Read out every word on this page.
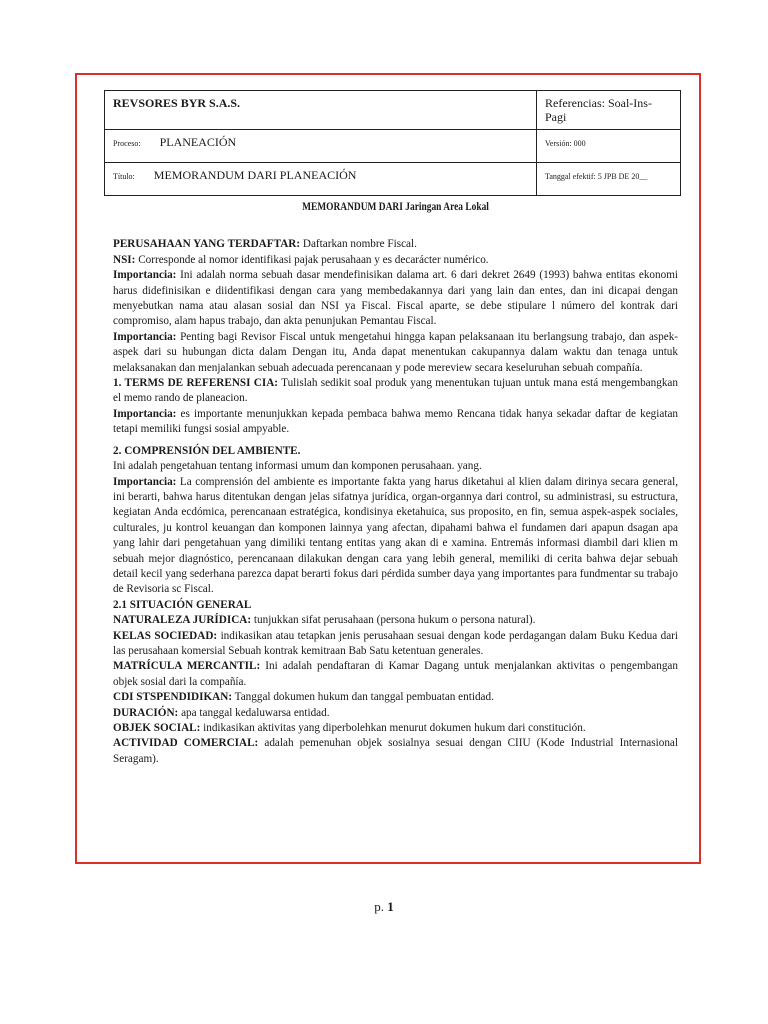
REVSORES BYR S.A.S.	Referencias: Soal-Ins-Pagi
Proceso: PLANEACIÓN	Versión: 000
Título: MEMORANDUM DARI PLANEACIÓN	Tanggal efektif: 5 JPB DE 20__

MEMORANDUM DARI Jaringan Area Lokal

PERUSAHAAN YANG TERDAFTAR: Daftarkan nombre Fiscal.

NSI: Corresponde al nomor identifikasi pajak perusahaan y es decarácter numérico.

Importancia: Ini adalah norma sebuah dasar mendefinisikan dalama art. 6 dari dekret 2649 (1993) bahwa entitas ekonomi harus didefinisikan e diidentifikasi dengan cara yang membedakannya dari yang lain dan entes, dan ini dicapai dengan menyebutkan nama atau alasan sosial dan NSI ya Fiscal. Fiscal aparte, se debe stipulare l número del kontrak dari compromiso, alam hapus trabajo, dan akta penunjukan Pemantau Fiscal.

Importancia: Penting bagi Revisor Fiscal untuk mengetahui hingga kapan pelaksanaan itu berlangsung trabajo, dan aspek-aspek dari su hubungan dicta dalam Dengan itu, Anda dapat menentukan cakupannya dalam waktu dan tenaga untuk melaksanakan dan menjalankan sebuah adecuada perencanaan y pode mereview secara keseluruhan sebuah compañía.

1. TERMS DE REFERENSI CIA: Tulislah sedikit soal produk yang menentukan tujuan untuk mana está mengembangkan el memo rando de planeacion.

Importancia: es importante menunjukkan kepada pembaca bahwa memo Rencana tidak hanya sekadar daftar de kegiatan tetapi memiliki fungsi sosial ampyable.

2. COMPRENSIÓN DEL AMBIENTE.
Ini adalah pengetahuan tentang informasi umum dan komponen perusahaan. yang.

Importancia: La comprensión del ambiente es importante fakta yang harus diketahui al klien dalam dirinya secara general, ini berarti, bahwa harus ditentukan dengan jelas sifatnya jurídica, organ-organnya dari control, su administrasi, su estructura, kegiatan Anda ecdómica, perencanaan estratégica, kondisinya eketahuica, sus proposito, en fin, semua aspek-aspek sociales, culturales, ju kontrol keuangan dan komponen lainnya yang afectan, dipahami bahwa el fundamen dari apapun dsagan apa yang lahir dari pengetahuan yang dimiliki tentang entitas yang akan di e xamina. Entremás informasi diambil dari klien m sebuah mejor diagnóstico, perencanaan dilakukan dengan cara yang lebih general, memiliki di cerita bahwa dejar sebuah detail kecil yang sederhana parezca dapat berarti fokus dari pérdida sumber daya yang importantes para fundmentar su trabajo de Revisoria sc Fiscal.

2.1 SITUACIÓN GENERAL

NATURALEZA JURÍDICA: tunjukkan sifat perusahaan (persona hukum o persona natural).

KELAS SOCIEDAD: indikasikan atau tetapkan jenis perusahaan sesuai dengan kode perdagangan dalam Buku Kedua dari las perusahaan komersial Sebuah kontrak kemitraan Bab Satu ketentuan generales.

MATRÍCULA MERCANTIL: Ini adalah pendaftaran di Kamar Dagang untuk menjalankan aktivitas o pengembangan objek sosial dari la compañía.

CDI STSPENDIDIKAN: Tanggal dokumen hukum dan tanggal pembuatan entidad.

DURACIÓN: apa tanggal kedaluwarsa entidad.

OBJEK SOCIAL: indikasikan aktivitas yang diperbolehkan menurut dokumen hukum dari constitución.

ACTIVIDAD COMERCIAL: adalah pemenuhan objek sosialnya sesuai dengan CIIU (Kode Industrial Internasional Seragam).

p. 1
